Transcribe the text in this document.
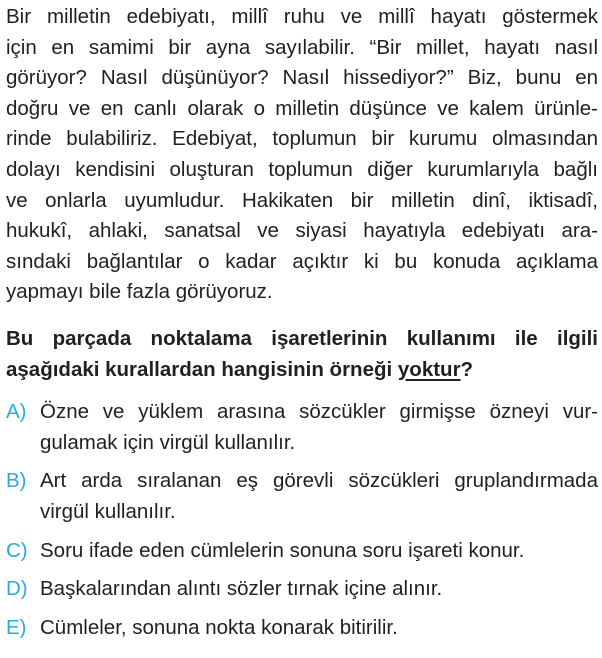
Bir milletin edebiyatı, millî ruhu ve millî hayatı göstermek
için en samimi bir ayna sayılabilir. “Bir millet, hayatı nasıl
görüyor? Nasıl düşünüyor? Nasıl hissediyor?” Biz, bunu en
doğru ve en canlı olarak o milletin düşünce ve kalem ürünle-
rinde bulabiliriz. Edebiyat, toplumun bir kurumu olmasından
dolayı kendisini oluşturan toplumun diğer kurumlarıyla bağlı
ve onlarla uyumludur. Hakikaten bir milletin dinî, iktisadî,
hukukî, ahlaki, sanatsal ve siyasi hayatıyla edebiyatı ara-
sındaki bağlantılar o kadar açıktır ki bu konuda açıklama
yapmayı bile fazla görüyoruz.
Bu parçada noktalama işaretlerinin kullanımı ile ilgili
aşağıdaki kurallardan hangisinin örneği yoktur?
A) Özne ve yüklem arasına sözcükler girmişse özneyi vur-
gulamak için virgül kullanılır.
B) Art arda sıralanan eş görevli sözcükleri gruplandırmada
virgül kullanılır.
C) Soru ifade eden cümlelerin sonuna soru işareti konur.
D) Başkalarından alıntı sözler tırnak içine alınır.
E) Cümleler, sonuna nokta konarak bitirilir.
